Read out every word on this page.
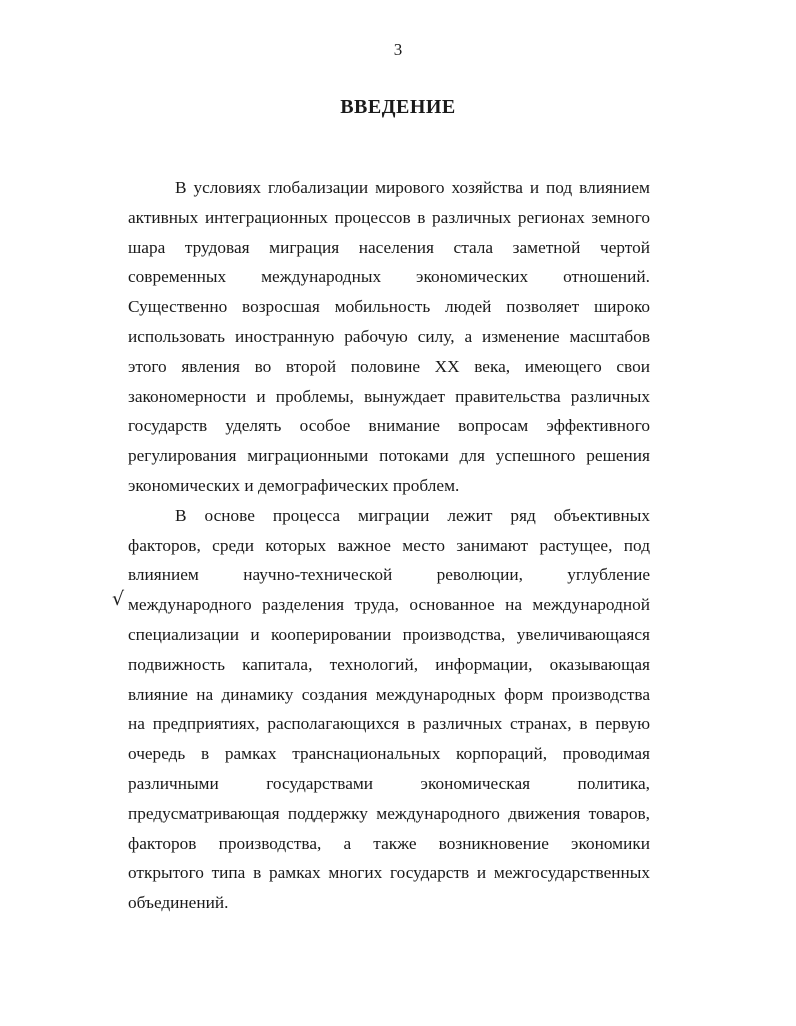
3
ВВЕДЕНИЕ
√
В условиях глобализации мирового хозяйства и под влиянием
активных интеграционных процессов в различных регионах земного
шара трудовая миграция населения стала заметной чертой
современных международных экономических отношений.
Существенно возросшая мобильность людей позволяет широко
использовать иностранную рабочую силу, а изменение масштабов
этого явления во второй половине XX века, имеющего свои
закономерности и проблемы, вынуждает правительства различных
государств уделять особое внимание вопросам эффективного
регулирования миграционными потоками для успешного решения
экономических и демографических проблем.
В основе процесса миграции лежит ряд объективных
факторов, среди которых важное место занимают растущее, под
влиянием научно-технической революции, углубление
международного разделения труда, основанное на международной
специализации и кооперировании производства, увеличивающаяся
подвижность капитала, технологий, информации, оказывающая
влияние на динамику создания международных форм производства
на предприятиях, располагающихся в различных странах, в первую
очередь в рамках транснациональных корпораций, проводимая
различными государствами экономическая политика,
предусматривающая поддержку международного движения товаров,
факторов производства, а также возникновение экономики
открытого типа в рамках многих государств и межгосударственных
объединений.
